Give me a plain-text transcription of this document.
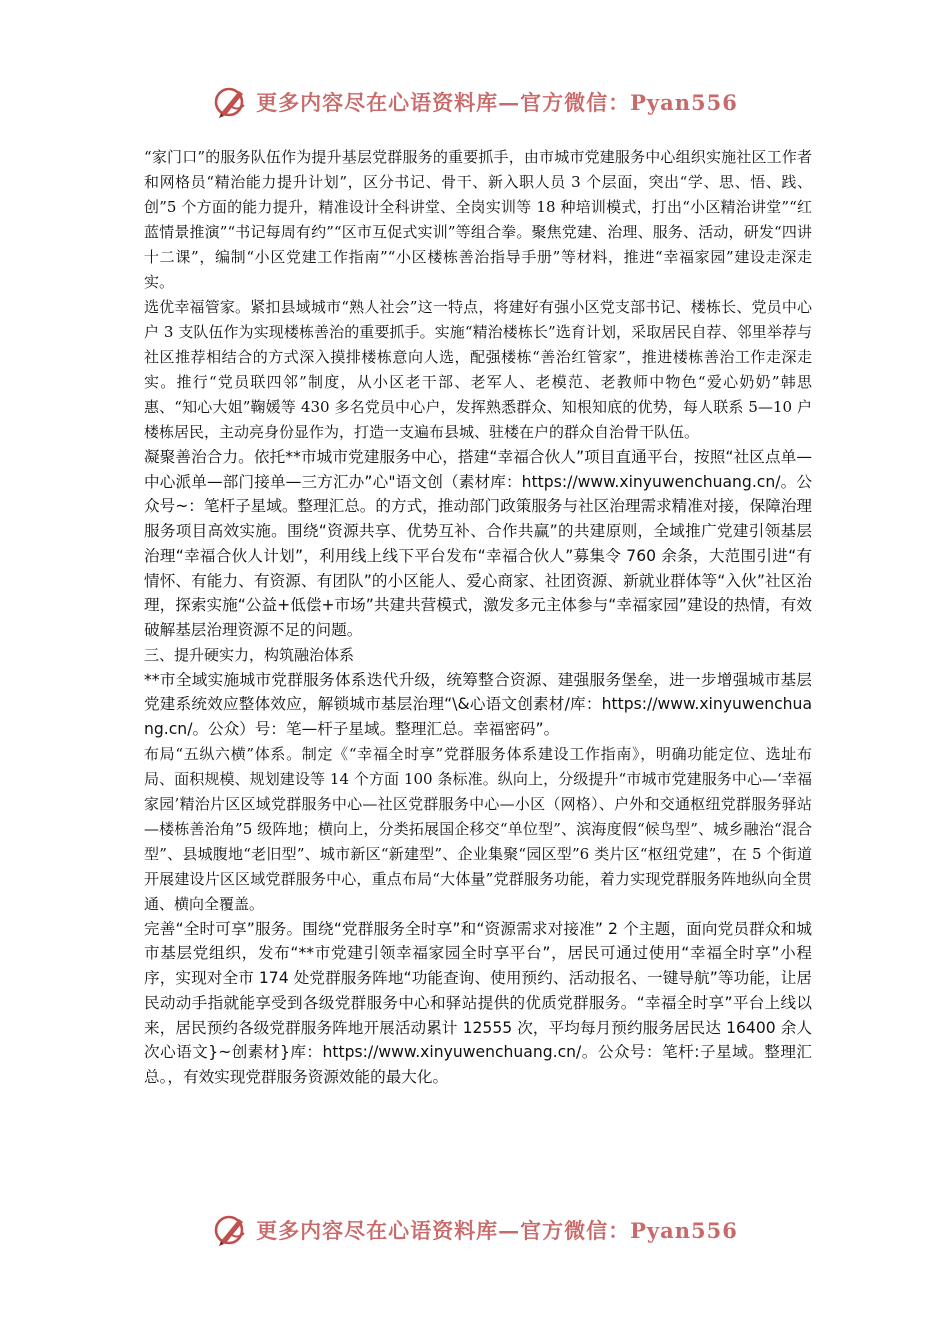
更多内容尽在心语资料库—官方微信：Pyan556

“家门口”的服务队伍作为提升基层党群服务的重要抓手，由市城市党建服务中心组织实施社区工作者和网格员“精治能力提升计划”，区分书记、骨干、新入职人员 3 个层面，突出“学、思、悟、践、创”5 个方面的能力提升，精准设计全科讲堂、全岗实训等 18 种培训模式，打出“小区精治讲堂”“红蓝情景推演”“书记每周有约”“区市互促式实训”等组合拳。聚焦党建、治理、服务、活动，研发“四讲十二课”，编制“小区党建工作指南”“小区楼栋善治指导手册”等材料，推进“幸福家园”建设走深走实。

选优幸福管家。紧扣县域城市“熟人社会”这一特点，将建好有强小区党支部书记、楼栋长、党员中心户 3 支队伍作为实现楼栋善治的重要抓手。实施“精治楼栋长”选育计划，采取居民自荐、邻里举荐与社区推荐相结合的方式深入摸排楼栋意向人选，配强楼栋“善治红管家”，推进楼栋善治工作走深走实。推行“党员联四邻”制度，从小区老干部、老军人、老模范、老教师中物色“爱心奶奶”韩思惠、“知心大姐”鞠媛等 430 多名党员中心户，发挥熟悉群众、知根知底的优势，每人联系 5—10 户楼栋居民，主动亮身份显作为，打造一支遍布县城、驻楼在户的群众自治骨干队伍。

凝聚善治合力。依托**市城市党建服务中心，搭建“幸福合伙人”项目直通平台，按照“社区点单—中心派单—部门接单—三方汇办”心"语文创（素材库：https://www.xinyuwenchuang.cn/。公众号~：笔杆子星域。整理汇总。的方式，推动部门政策服务与社区治理需求精准对接，保障治理服务项目高效实施。围绕“资源共享、优势互补、合作共赢”的共建原则，全域推广党建引领基层治理“幸福合伙人计划”，利用线上线下平台发布“幸福合伙人”募集令 760 余条，大范围引进“有情怀、有能力、有资源、有团队”的小区能人、爱心商家、社团资源、新就业群体等“入伙”社区治理，探索实施“公益+低偿+市场”共建共营模式，激发多元主体参与“幸福家园”建设的热情，有效破解基层治理资源不足的问题。

三、提升硬实力，构筑融治体系

**市全域实施城市党群服务体系迭代升级，统筹整合资源、建强服务堡垒，进一步增强城市基层党建系统效应整体效应，解锁城市基层治理“\&心语文创素材/库：https://www.xinyuwenchuang.cn/。公众）号：笔—杆子星域。整理汇总。幸福密码”。

布局“五纵六横”体系。制定《“幸福全时享”党群服务体系建设工作指南》，明确功能定位、选址布局、面积规模、规划建设等 14 个方面 100 条标准。纵向上，分级提升“市城市党建服务中心—‘幸福家园’精治片区区域党群服务中心—社区党群服务中心—小区（网格）、户外和交通枢纽党群服务驿站—楼栋善治角”5 级阵地；横向上，分类拓展国企移交“单位型”、滨海度假“候鸟型”、城乡融治“混合型”、县城腹地“老旧型”、城市新区“新建型”、企业集聚“园区型”6 类片区“枢纽党建”，在 5 个街道开展建设片区区域党群服务中心，重点布局“大体量”党群服务功能，着力实现党群服务阵地纵向全贯通、横向全覆盖。

完善“全时可享”服务。围绕“党群服务全时享”和“资源需求对接准” 2 个主题，面向党员群众和城市基层党组织，发布“**市党建引领幸福家园全时享平台”，居民可通过使用“幸福全时享”小程序，实现对全市 174 处党群服务阵地“功能查询、使用预约、活动报名、一键导航”等功能，让居民动动手指就能享受到各级党群服务中心和驿站提供的优质党群服务。“幸福全时享”平台上线以来，居民预约各级党群服务阵地开展活动累计 12555 次，平均每月预约服务居民达 16400 余人次心语文}~创素材}库：https://www.xinyuwenchuang.cn/。公众号：笔杆:子星域。整理汇总。，有效实现党群服务资源效能的最大化。

更多内容尽在心语资料库—官方微信：Pyan556
